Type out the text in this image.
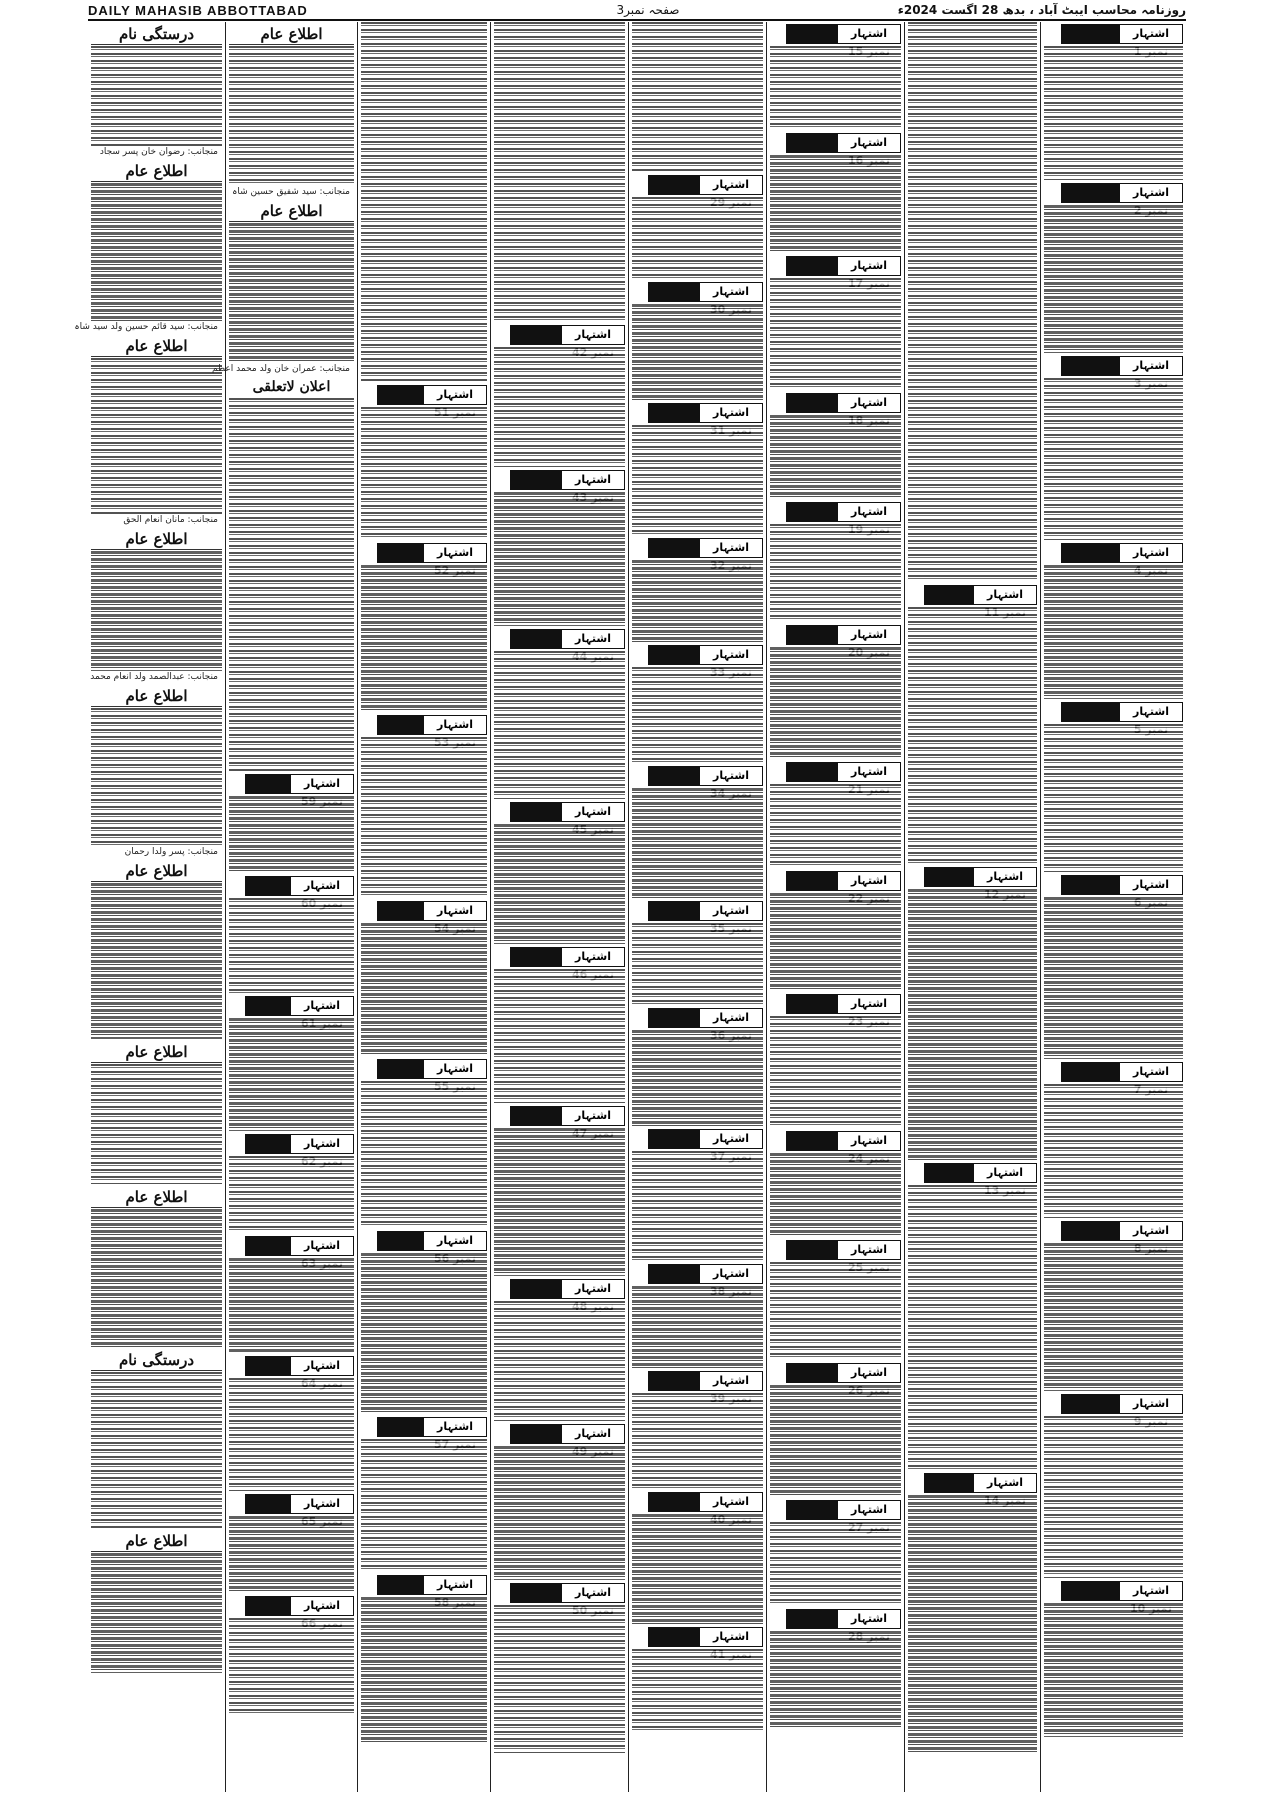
DAILY MAHASIB ABBOTTABAD	صفحہ نمبر3	روزنامہ محاسب ایبٹ آباد ، بدھ 28 اگست 2024ء
درستگی نام
منجانب: رضوان خان پسر سجاد
اطلاع عام
منجانب: سید قائم حسین ولد سید شاہ
اطلاع عام
منجانب: مانان انعام الحق
اطلاع عام
منجانب: عبدالصمد ولد انعام محمد
اطلاع عام
منجانب: پسر ولدا رحمان
اطلاع عام
اطلاع عام
اطلاع عام
درستگی نام
اطلاع عام
اطلاع عام
منجانب: سید شفیق حسین شاہ
اطلاع عام
منجانب: عمران خان ولد محمد اعظم
اعلان لاتعلقی
اشتہار
اشتہار
اشتہار
اشتہار
اشتہار
اشتہار
اشتہار
اشتہار
اشتہار
اشتہار
اشتہار
اشتہار
اشتہار
اشتہار
اشتہار
اشتہار
اشتہار
اشتہار
اشتہار
اشتہار
اشتہار
اشتہار
اشتہار
اشتہار
اشتہار
اشتہار
اشتہار
اشتہار
اشتہار
اشتہار
اشتہار
اشتہار
اشتہار
اشتہار
اشتہار
اشتہار
اشتہار
اشتہار
اشتہار
اشتہار
اشتہار
اشتہار
اشتہار
اشتہار
اشتہار
اشتہار
اشتہار
اشتہار
اشتہار
اشتہار
اشتہار
اشتہار
اشتہار
اشتہار
اشتہار
اشتہار
اشتہار
اشتہار
اشتہار
اشتہار
اشتہار
اشتہار
اشتہار
اشتہار
اشتہار
اشتہار
